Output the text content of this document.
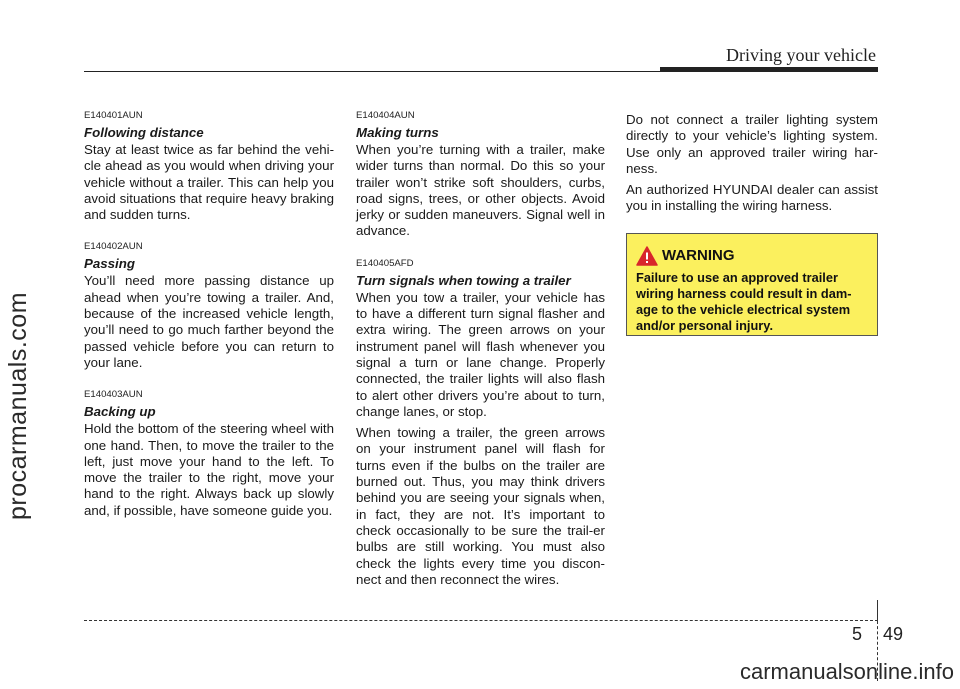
procarmanuals.com
Driving your vehicle
E140401AUN
Following distance

Stay at least twice as far behind the vehi-cle ahead as you would when driving your vehicle without a trailer. This can help you avoid situations that require heavy braking and sudden turns.

E140402AUN
Passing

You’ll need more passing distance up ahead when you’re towing a trailer. And, because of the increased vehicle length, you’ll need to go much farther beyond the passed vehicle before you can return to your lane.

E140403AUN
Backing up

Hold the bottom of the steering wheel with one hand. Then, to move the trailer to the left, just move your hand to the left. To move the trailer to the right, move your hand to the right. Always back up slowly and, if possible, have someone guide you.

E140404AUN
Making turns

When you’re turning with a trailer, make wider turns than normal. Do this so your trailer won’t strike soft shoulders, curbs, road signs, trees, or other objects. Avoid jerky or sudden maneuvers. Signal well in advance.

E140405AFD
Turn signals when towing a trailer

When you tow a trailer, your vehicle has to have a different turn signal flasher and extra wiring. The green arrows on your instrument panel will flash whenever you signal a turn or lane change. Properly connected, the trailer lights will also flash to alert other drivers you’re about to turn, change lanes, or stop.

When towing a trailer, the green arrows on your instrument panel will flash for turns even if the bulbs on the trailer are burned out. Thus, you may think drivers behind you are seeing your signals when, in fact, they are not. It’s important to check occasionally to be sure the trail-er bulbs are still working. You must also check the lights every time you discon-nect and then reconnect the wires.

Do not connect a trailer lighting system directly to your vehicle’s lighting system. Use only an approved trailer wiring har-ness.

An authorized HYUNDAI dealer can assist you in installing the wiring harness.

WARNING
Failure to use an approved trailer wiring harness could result in dam-age to the vehicle electrical system and/or personal injury.
5 49
carmanualsonline.info
